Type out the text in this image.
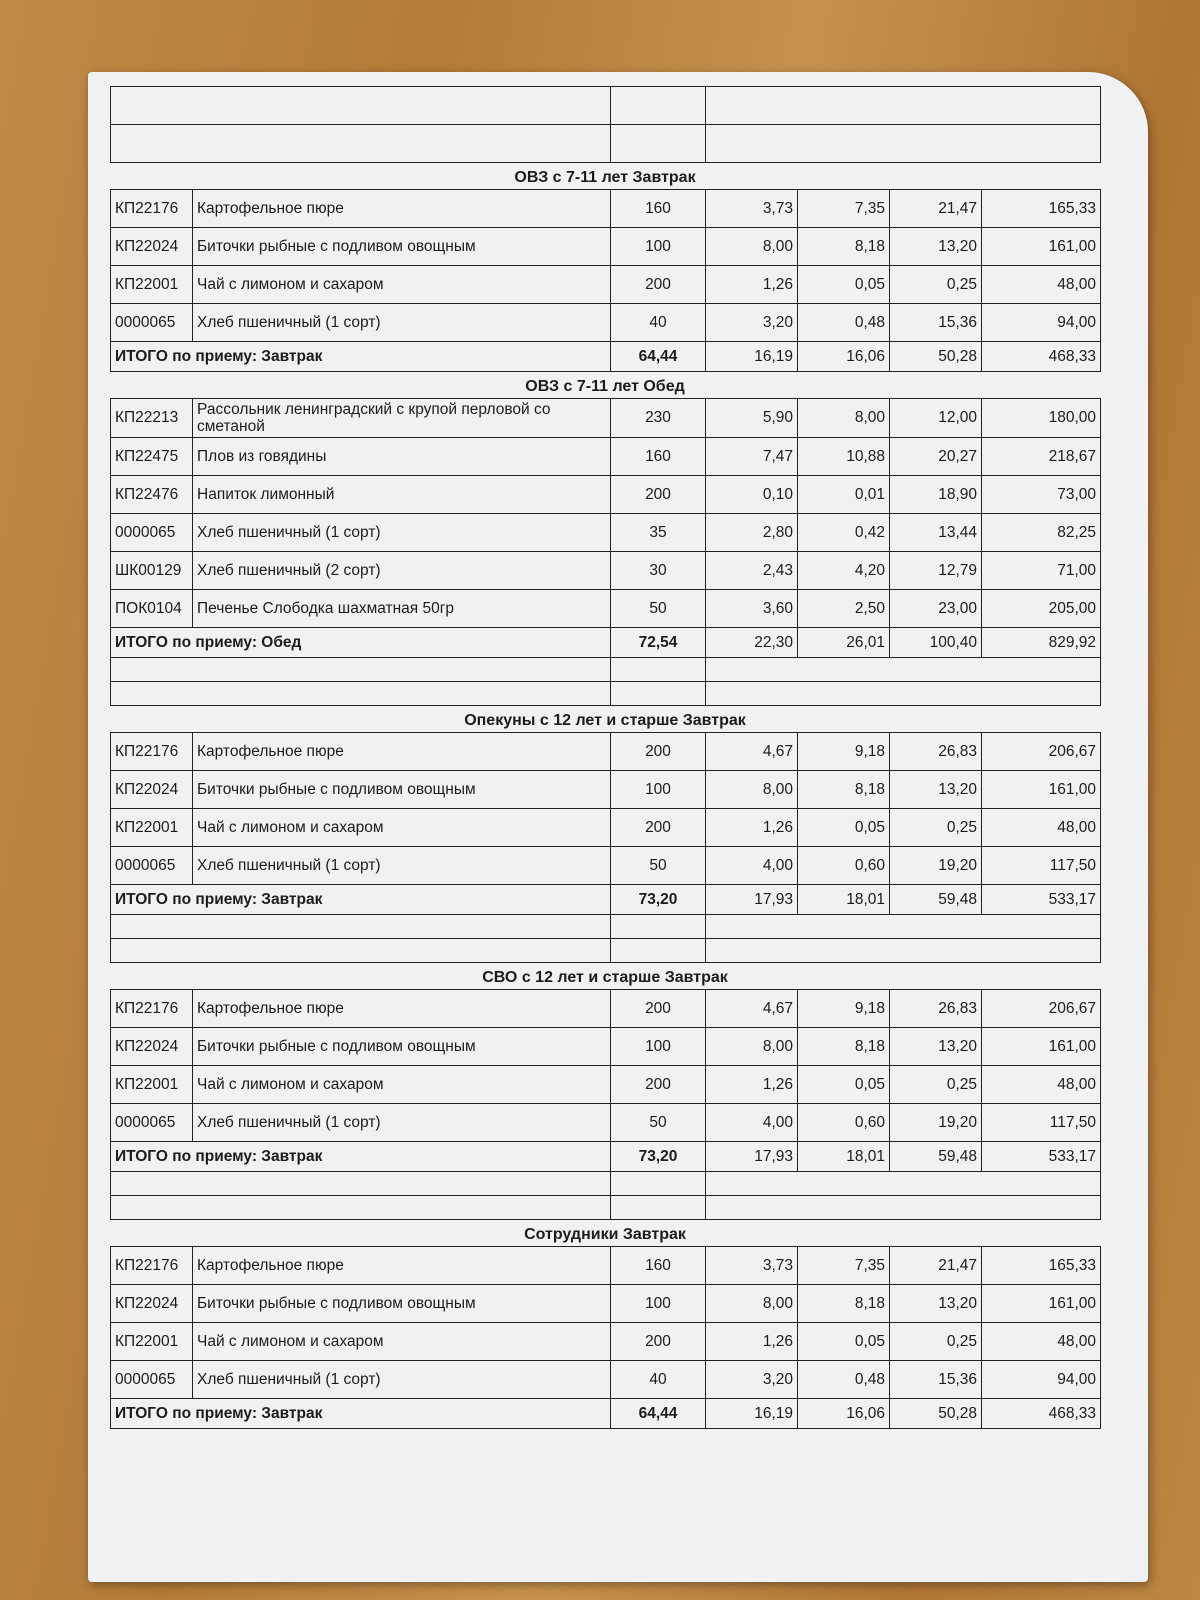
ОВЗ с 7-11 лет Завтрак
КП22176	Картофельное пюре	160	3,73	7,35	21,47	165,33
КП22024	Биточки рыбные с подливом овощным	100	8,00	8,18	13,20	161,00
КП22001	Чай с лимоном и сахаром	200	1,26	0,05	0,25	48,00
0000065	Хлеб пшеничный (1 сорт)	40	3,20	0,48	15,36	94,00
ИТОГО по приему: Завтрак		64,44	16,19	16,06	50,28	468,33
ОВЗ с 7-11 лет Обед
КП22213	Рассольник ленинградский с крупой перловой со сметаной	230	5,90	8,00	12,00	180,00
КП22475	Плов из говядины	160	7,47	10,88	20,27	218,67
КП22476	Напиток лимонный	200	0,10	0,01	18,90	73,00
0000065	Хлеб пшеничный (1 сорт)	35	2,80	0,42	13,44	82,25
ШК00129	Хлеб пшеничный (2 сорт)	30	2,43	4,20	12,79	71,00
ПОК0104	Печенье Слободка шахматная 50гр	50	3,60	2,50	23,00	205,00
ИТОГО по приему: Обед		72,54	22,30	26,01	100,40	829,92

Опекуны с 12 лет и старше Завтрак
КП22176	Картофельное пюре	200	4,67	9,18	26,83	206,67
КП22024	Биточки рыбные с подливом овощным	100	8,00	8,18	13,20	161,00
КП22001	Чай с лимоном и сахаром	200	1,26	0,05	0,25	48,00
0000065	Хлеб пшеничный (1 сорт)	50	4,00	0,60	19,20	117,50
ИТОГО по приему: Завтрак		73,20	17,93	18,01	59,48	533,17

СВО с 12 лет и старше Завтрак
КП22176	Картофельное пюре	200	4,67	9,18	26,83	206,67
КП22024	Биточки рыбные с подливом овощным	100	8,00	8,18	13,20	161,00
КП22001	Чай с лимоном и сахаром	200	1,26	0,05	0,25	48,00
0000065	Хлеб пшеничный (1 сорт)	50	4,00	0,60	19,20	117,50
ИТОГО по приему: Завтрак		73,20	17,93	18,01	59,48	533,17

Сотрудники Завтрак
КП22176	Картофельное пюре	160	3,73	7,35	21,47	165,33
КП22024	Биточки рыбные с подливом овощным	100	8,00	8,18	13,20	161,00
КП22001	Чай с лимоном и сахаром	200	1,26	0,05	0,25	48,00
0000065	Хлеб пшеничный (1 сорт)	40	3,20	0,48	15,36	94,00
ИТОГО по приему: Завтрак		64,44	16,19	16,06	50,28	468,33
